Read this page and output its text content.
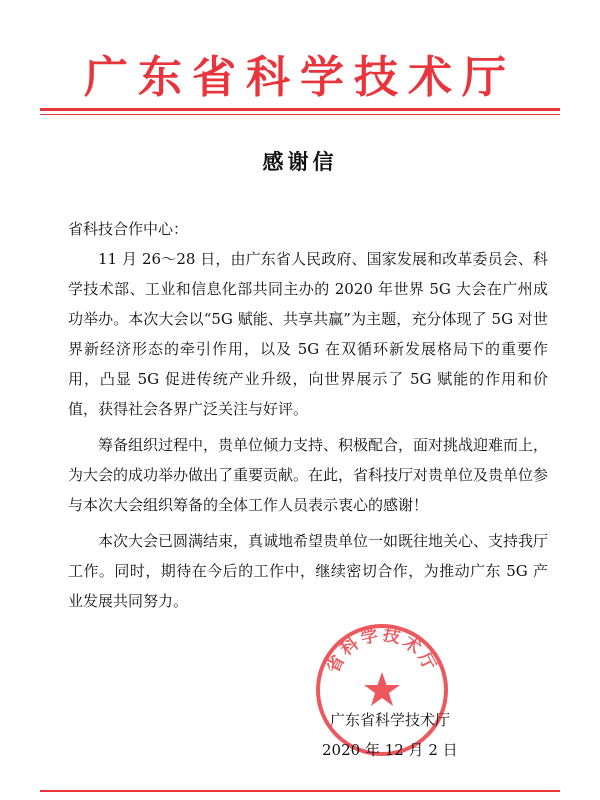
广东省科学技术厅
感谢信
省科技合作中心：

11 月 26～28 日，由广东省人民政府、国家发展和改革委员会、科学技术部、工业和信息化部共同主办的 2020 年世界 5G 大会在广州成功举办。本次大会以“5G 赋能、共享共赢”为主题，充分体现了 5G 对世界新经济形态的牵引作用，以及 5G 在双循环新发展格局下的重要作用，凸显 5G 促进传统产业升级，向世界展示了 5G 赋能的作用和价值，获得社会各界广泛关注与好评。

筹备组织过程中，贵单位倾力支持、积极配合，面对挑战迎难而上，为大会的成功举办做出了重要贡献。在此，省科技厅对贵单位及贵单位参与本次大会组织筹备的全体工作人员表示衷心的感谢！

本次大会已圆满结束，真诚地希望贵单位一如既往地关心、支持我厅工作。同时，期待在今后的工作中，继续密切合作，为推动广东 5G 产业发展共同努力。

省科学技术厅
广东省科学技术厅
2020 年 12 月 2 日
